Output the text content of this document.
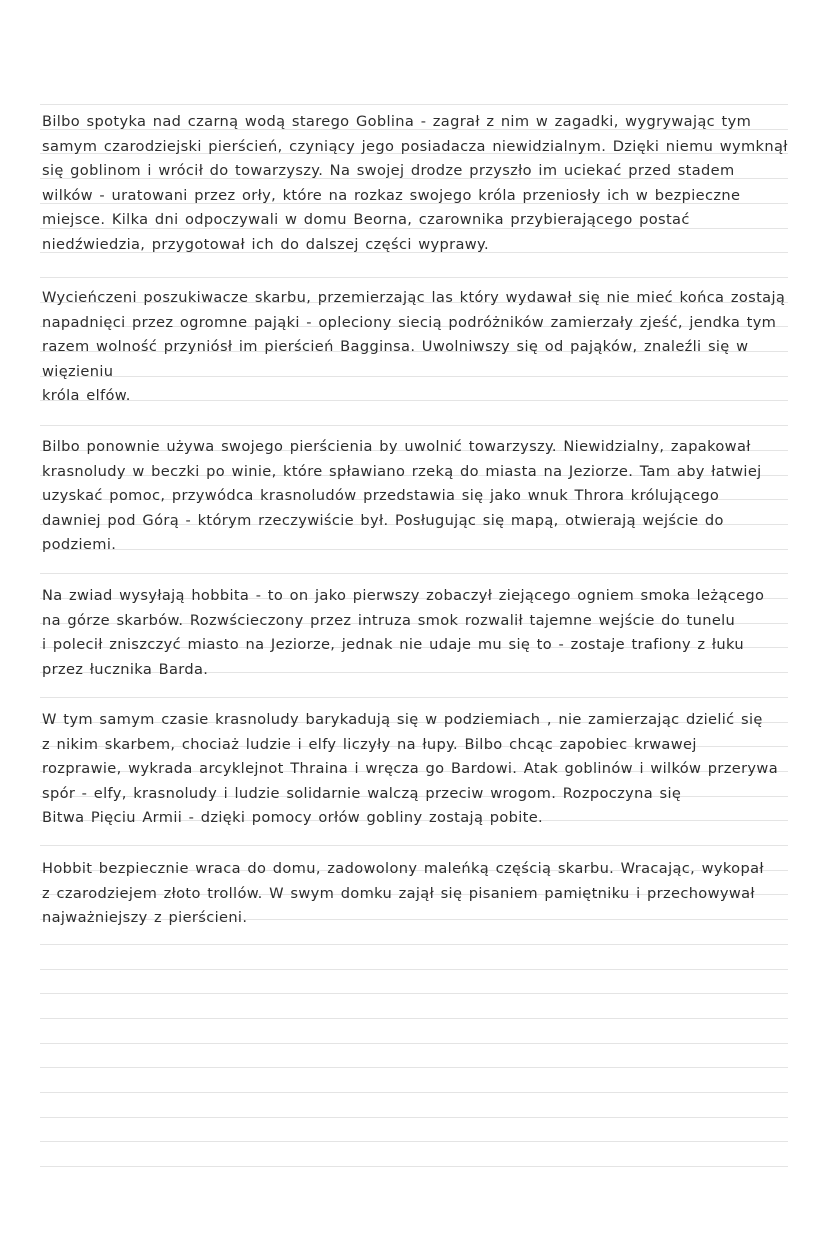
Bilbo spotyka nad czarną wodą starego Goblina - zagrał z nim w zagadki, wygrywając tym
samym czarodziejski pierścień, czyniący jego posiadacza niewidzialnym. Dzięki niemu wymknął
się goblinom i wrócił do towarzyszy. Na swojej drodze przyszło im uciekać przed stadem
wilków - uratowani przez orły, które na rozkaz swojego króla przeniosły ich w bezpieczne
miejsce. Kilka dni odpoczywali w domu Beorna, czarownika przybierającego postać
niedźwiedzia, przygotował ich do dalszej części wyprawy.
Wycieńczeni poszukiwacze skarbu, przemierzając las który wydawał się nie mieć końca zostają
napadnięci przez ogromne pająki - opleciony siecią podróżników zamierzały zjeść, jendka tym
razem wolność przyniósł im pierścień Bagginsa. Uwolniwszy się od pająków, znaleźli się w
więzieniu
króla elfów.
Bilbo ponownie używa swojego pierścienia by uwolnić towarzyszy. Niewidzialny, zapakował
krasnoludy w beczki po winie, które spławiano rzeką do miasta na Jeziorze. Tam aby łatwiej
uzyskać pomoc, przywódca krasnoludów przedstawia się jako wnuk Throra królującego
dawniej pod Górą - którym rzeczywiście był. Posługując się mapą, otwierają wejście do
podziemi.
Na zwiad wysyłają hobbita - to on jako pierwszy zobaczył ziejącego ogniem smoka leżącego
na górze skarbów. Rozwścieczony przez intruza smok rozwalił tajemne wejście do tunelu
i polecił zniszczyć miasto na Jeziorze, jednak nie udaje mu się to - zostaje trafiony z łuku
przez łucznika Barda.
W tym samym czasie krasnoludy barykadują się w podziemiach , nie zamierzając dzielić się
z nikim skarbem, chociaż ludzie i elfy liczyły na łupy. Bilbo chcąc zapobiec krwawej
rozprawie, wykrada arcyklejnot Thraina i wręcza go Bardowi. Atak goblinów i wilków przerywa
spór - elfy, krasnoludy i ludzie solidarnie walczą przeciw wrogom. Rozpoczyna się
Bitwa Pięciu Armii - dzięki pomocy orłów gobliny zostają pobite.
Hobbit bezpiecznie wraca do domu, zadowolony maleńką częścią skarbu. Wracając, wykopał
z czarodziejem złoto trollów. W swym domku zajął się pisaniem pamiętniku i przechowywał
najważniejszy z pierścieni.
